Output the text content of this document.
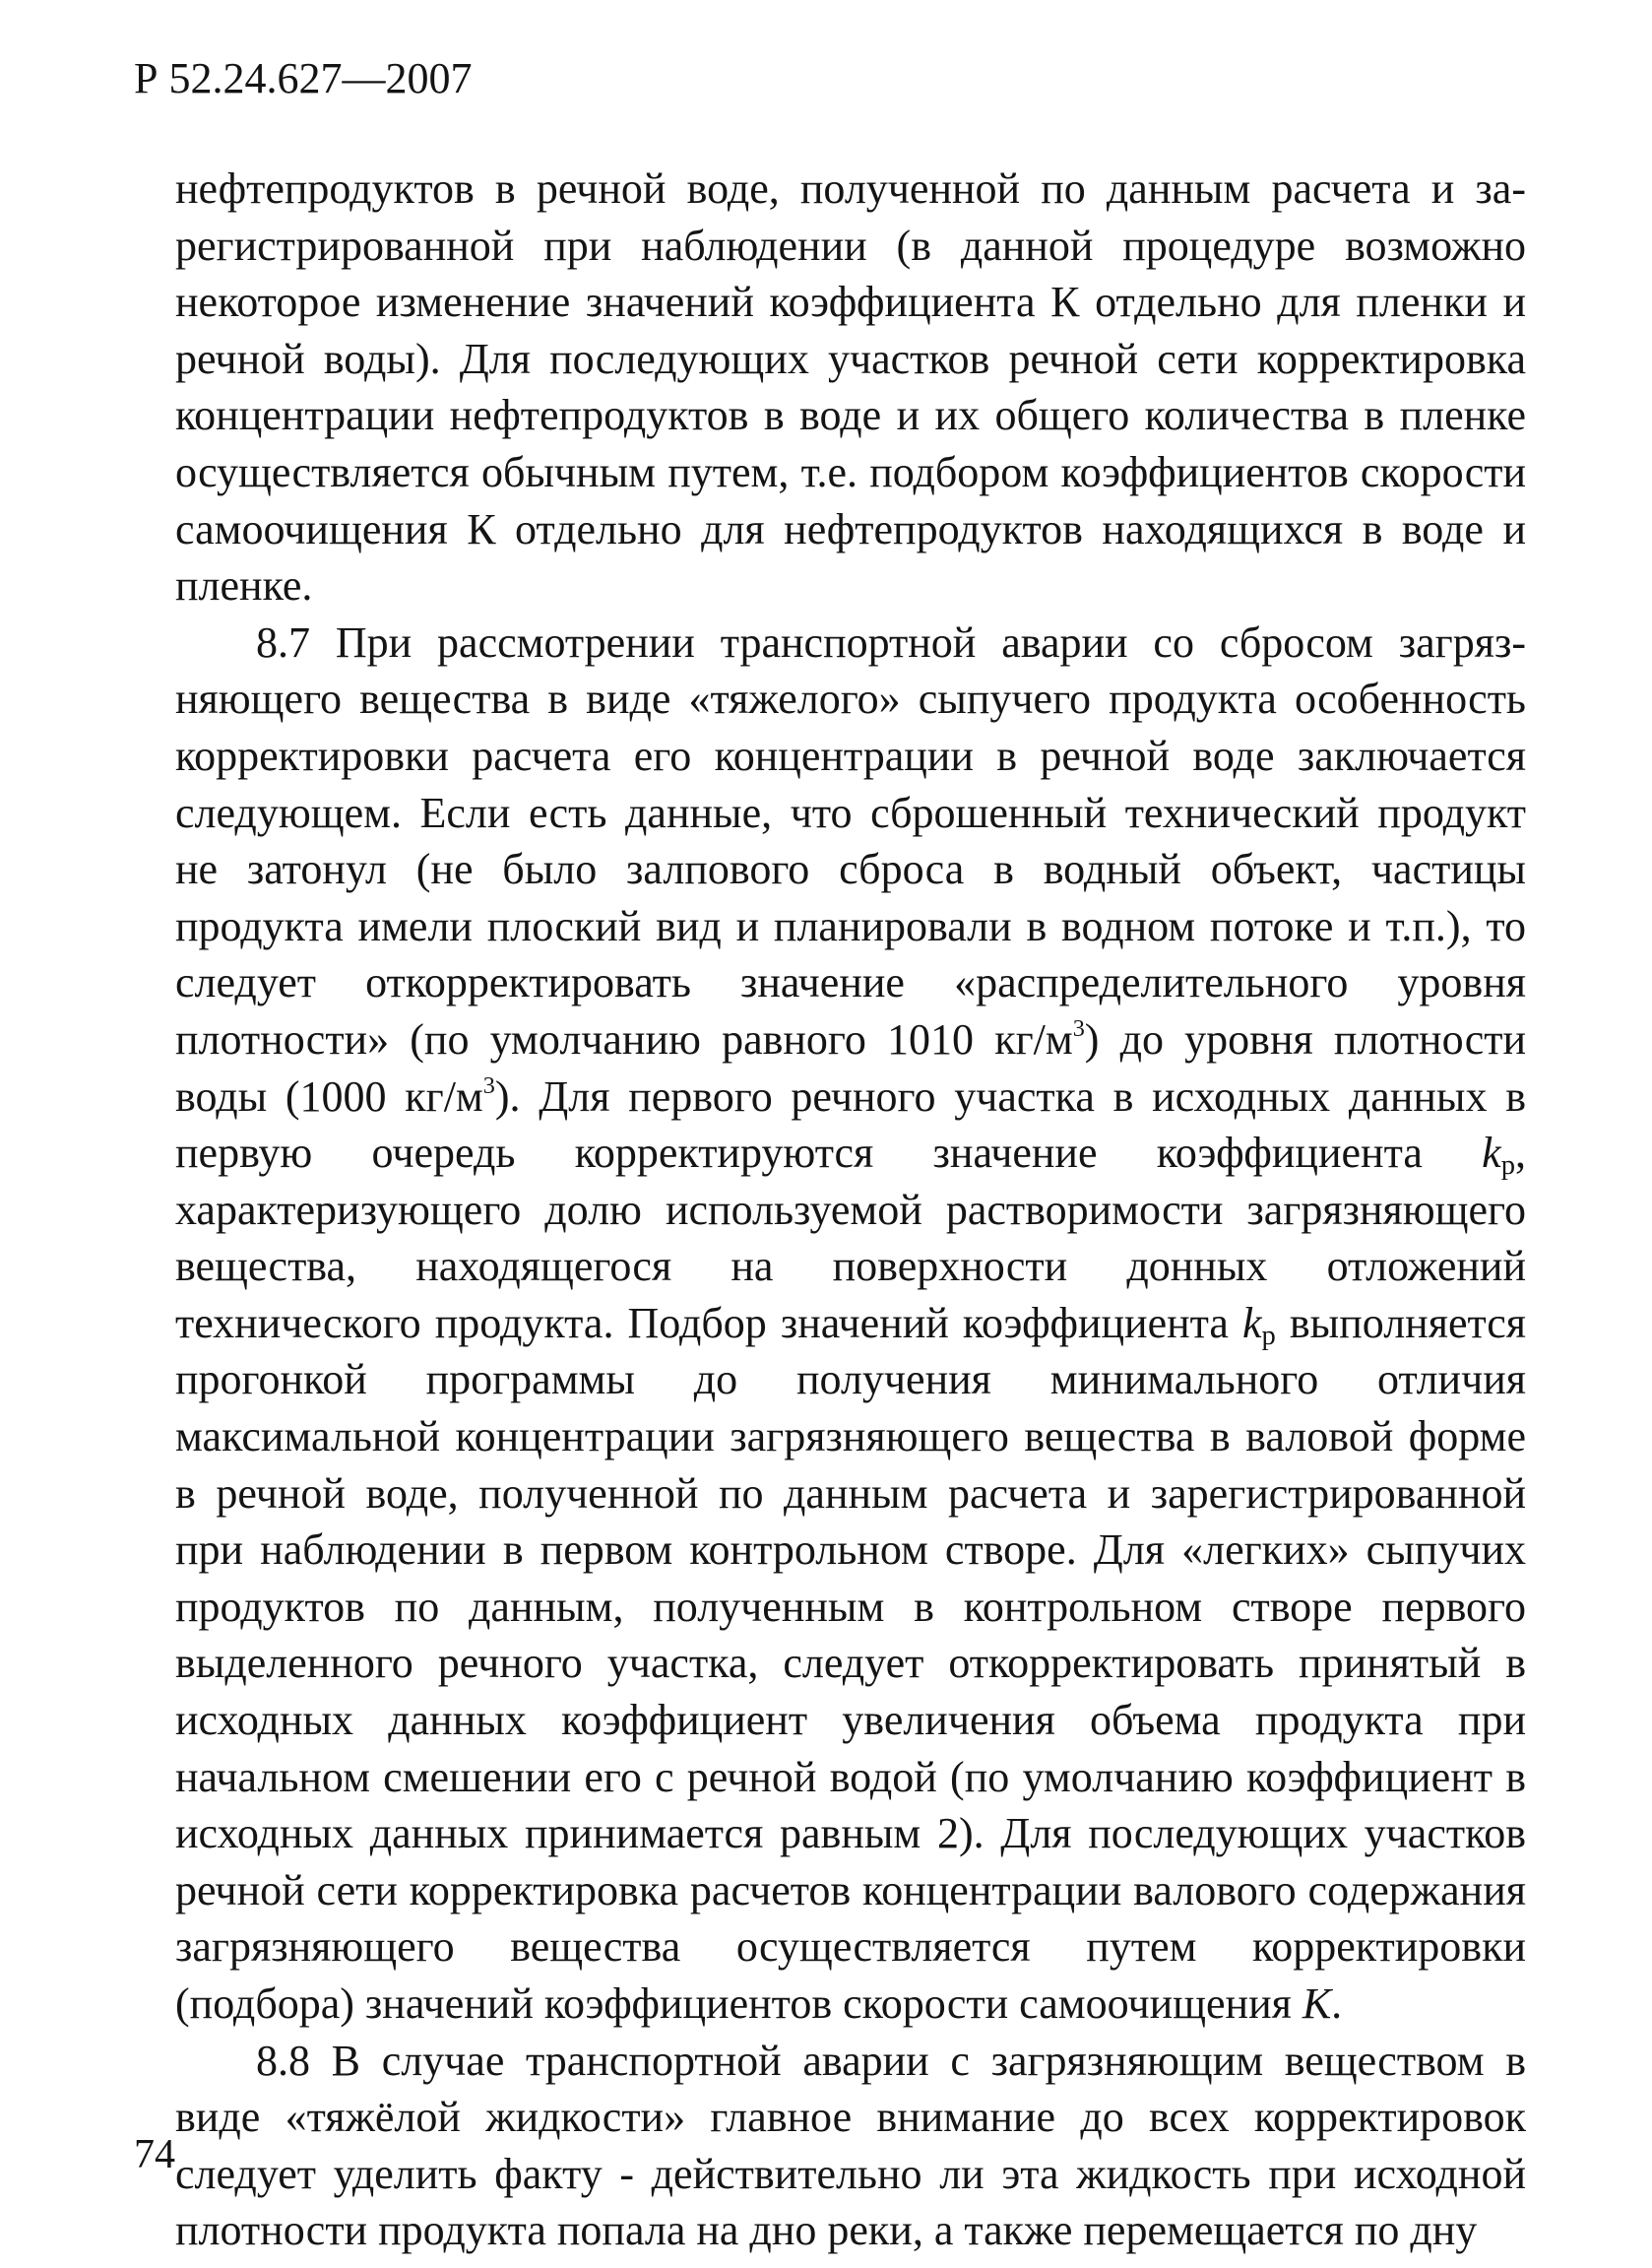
Р 52.24.627—2007

нефтепродуктов в речной воде, полученной по данным расчета и зарегистрированной при наблюдении (в данной процедуре возможно некоторое изменение значений коэффициента К отдельно для пленки и речной воды). Для последующих участков речной сети корректировка концентрации нефтепродуктов в воде и их общего количества в пленке осуществляется обычным путем, т.е. подбором коэффициентов скорости самоочищения К отдельно для нефтепродуктов находящихся в воде и пленке.

8.7 При рассмотрении транспортной аварии со сбросом загрязняющего вещества в виде «тяжелого» сыпучего продукта особенность корректировки расчета его концентрации в речной воде заключается следующем. Если есть данные, что сброшенный технический продукт не затонул (не было залпового сброса в водный объект, частицы продукта имели плоский вид и планировали в водном потоке и т.п.), то следует откорректировать значение «распределительного уровня плотности» (по умолчанию равного 1010 $кг/м^3$) до уровня плотности воды (1000 $кг/м^3$). Для первого речного участка в исходных данных в первую очередь корректируются значение коэффициента $k_р$, характеризующего долю используемой растворимости загрязняющего вещества, находящегося на поверхности донных отложений технического продукта. Подбор значений коэффициента $k_р$ выполняется прогонкой программы до получения минимального отличия максимальной концентрации загрязняющего вещества в валовой форме в речной воде, полученной по данным расчета и зарегистрированной при наблюдении в первом контрольном створе. Для «легких» сыпучих продуктов по данным, полученным в контрольном створе первого выделенного речного участка, следует откорректировать принятый в исходных данных коэффициент увеличения объема продукта при начальном смешении его с речной водой (по умолчанию коэффициент в исходных данных принимается равным 2). Для последующих участков речной сети корректировка расчетов концентрации валового содержания загрязняющего вещества осуществляется путем корректировки (подбора) значений коэффициентов скорости самоочищения К.

8.8 В случае транспортной аварии с загрязняющим веществом в виде «тяжёлой жидкости» главное внимание до всех корректировок следует уделить факту - действительно ли эта жидкость при исходной плотности продукта попала на дно реки, а также перемещается по дну

74
